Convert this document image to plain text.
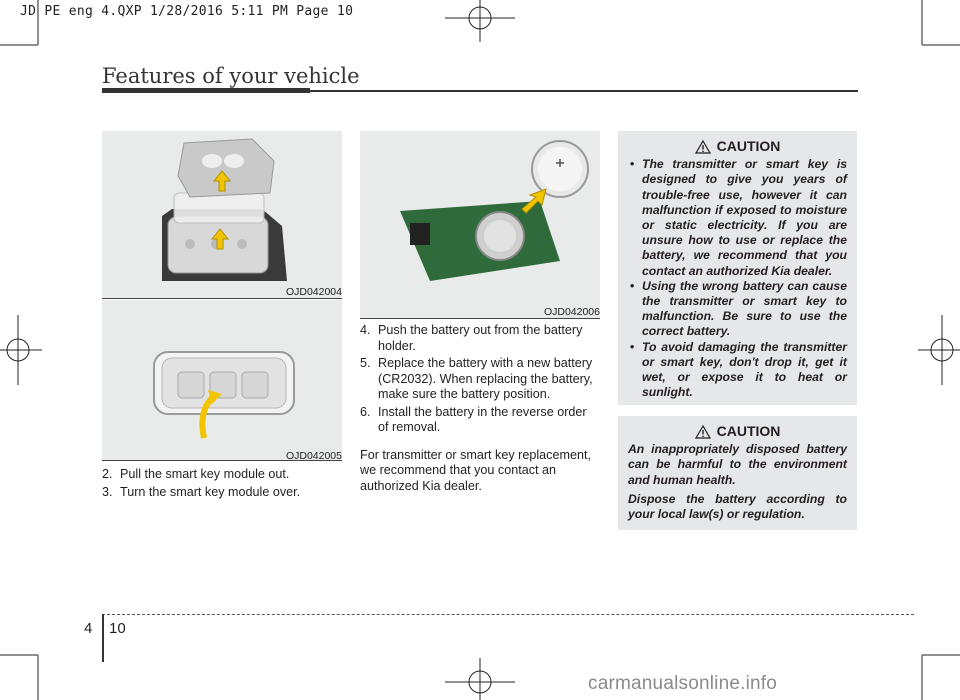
JD PE eng 4.QXP 1/28/2016 5:11 PM Page 10
Features of your vehicle
OJD042004
OJD042005
2. Pull the smart key module out.
3. Turn the smart key module over.
OJD042006
4. Push the battery out from the battery holder.
5. Replace the battery with a new battery (CR2032). When replacing the battery, make sure the battery position.
6. Install the battery in the reverse order of removal.
For transmitter or smart key replacement, we recommend that you contact an authorized Kia dealer.
CAUTION
• The transmitter or smart key is designed to give you years of trouble-free use, however it can malfunction if exposed to moisture or static electricity. If you are unsure how to use or replace the battery, we recommend that you contact an authorized Kia dealer.
• Using the wrong battery can cause the transmitter or smart key to malfunction. Be sure to use the correct battery.
• To avoid damaging the transmitter or smart key, don't drop it, get it wet, or expose it to heat or sunlight.
CAUTION

An inappropriately disposed battery can be harmful to the environment and human health.

Dispose the battery according to your local law(s) or regulation.

4 10
carmanualsonline.info
